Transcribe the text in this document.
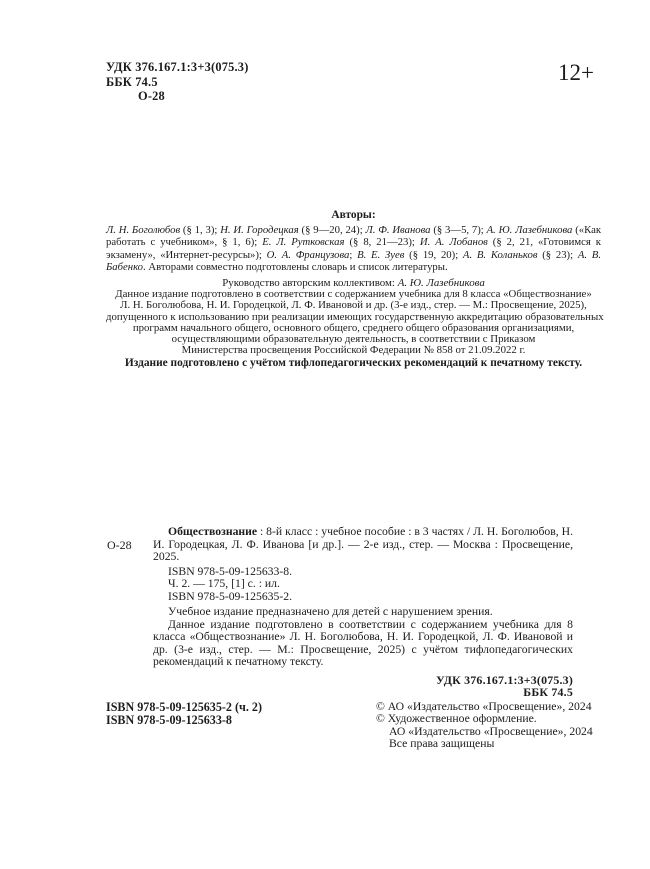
УДК 376.167.1:3+3(075.3)
ББК 74.5
О-28
12+

Авторы:

Л. Н. Боголюбов (§ 1, 3); Н. И. Городецкая (§ 9—20, 24); Л. Ф. Иванова (§ 3—5, 7); А. Ю. Лазебникова («Как работать с учебником», § 1, 6); Е. Л. Рутковская (§ 8, 21—23); И. А. Лобанов (§ 2, 21, «Готовимся к экзамену», «Интернет-ресурсы»); О. А. Французова; В. Е. Зуев (§ 19, 20); А. В. Коланьков (§ 23); А. В. Бабенко. Авторами совместно подготовлены словарь и список литературы.

Руководство авторским коллективом: А. Ю. Лазебникова
Данное издание подготовлено в соответствии с содержанием учебника для 8 класса «Обществознание»
Л. Н. Боголюбова, Н. И. Городецкой, Л. Ф. Ивановой и др. (3-е изд., стер. — М.: Просвещение, 2025),
допущенного к использованию при реализации имеющих государственную аккредитацию образовательных
программ начального общего, основного общего, среднего общего образования организациями,
осуществляющими образовательную деятельность, в соответствии с Приказом
Министерства просвещения Российской Федерации № 858 от 21.09.2022 г.
Издание подготовлено с учётом тифлопедагогических рекомендаций к печатному тексту.
О-28

Обществознание : 8-й класс : учебное пособие : в 3 частях / Л. Н. Боголюбов, Н. И. Городецкая, Л. Ф. Иванова [и др.]. — 2-е изд., стер. — Москва : Просвещение, 2025.

ISBN 978-5-09-125633-8.

Ч. 2. — 175, [1] с. : ил.

ISBN 978-5-09-125635-2.

Учебное издание предназначено для детей с нарушением зрения.

Данное издание подготовлено в соответствии с содержанием учебника для 8 класса «Обществознание» Л. Н. Боголюбова, Н. И. Городецкой, Л. Ф. Ивановой и др. (3-е изд., стер. — М.: Просвещение, 2025) с учётом тифлопедагогических рекомендаций к печатному тексту.

УДК 376.167.1:3+3(075.3)
ББК 74.5
ISBN 978-5-09-125635-2 (ч. 2)
ISBN 978-5-09-125633-8
© АО «Издательство «Просвещение», 2024
© Художественное оформление.
АО «Издательство «Просвещение», 2024
Все права защищены
